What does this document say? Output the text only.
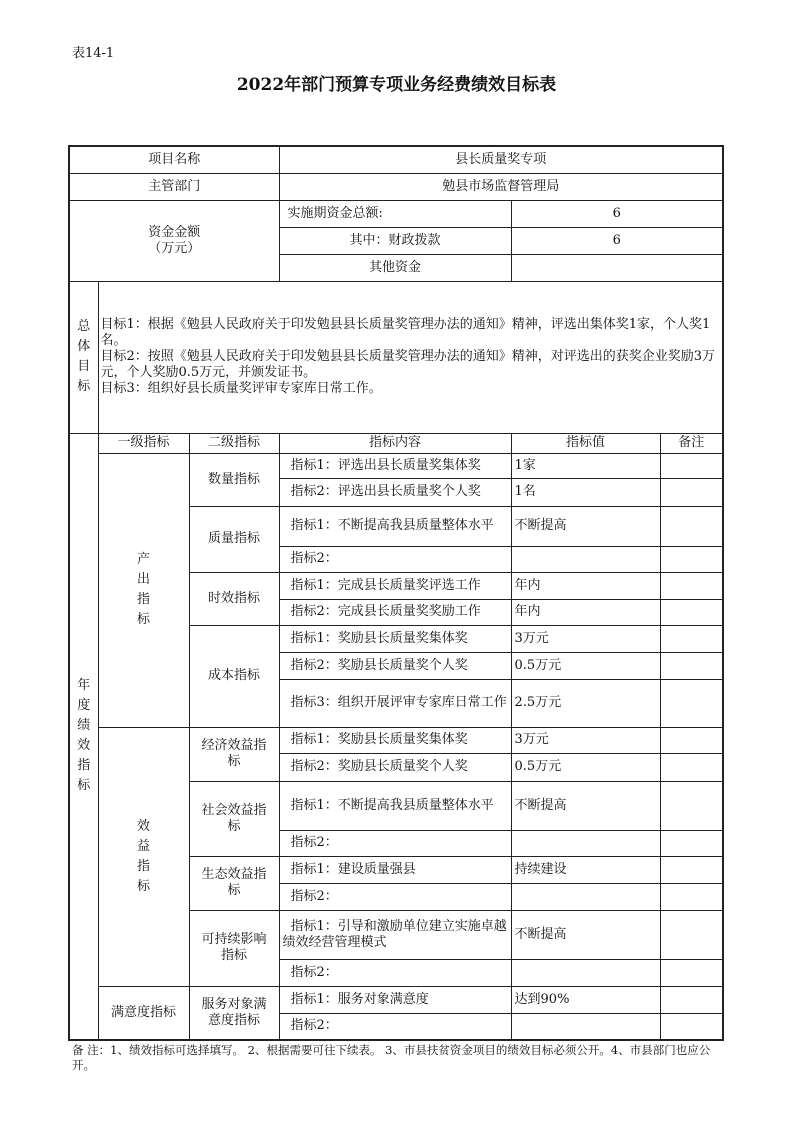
表14-1
2022年部门预算专项业务经费绩效目标表
项目名称			县长质量奖专项		
主管部门			勉县市场监督管理局		
资金金额
（万元）			实施期资金总额:	6	
			其中：财政拨款	6	
			其他资金		
总体目标	目标1：根据《勉县人民政府关于印发勉县县长质量奖管理办法的通知》精神，评选出集体奖1家，个人奖1名。
目标2：按照《勉县人民政府关于印发勉县县长质量奖管理办法的通知》精神，对评选出的获奖企业奖励3万元，个人奖励0.5万元，并颁发证书。
目标3：组织好县长质量奖评审专家库日常工作。				

年度绩效指标	一级指标	二级指标	指标内容	指标值	备注
	产出指标	数量指标	指标1：评选出县长质量奖集体奖	1家	
			指标2：评选出县长质量奖个人奖	1名	
		质量指标	指标1：不断提高我县质量整体水平	不断提高	
			指标2：		
		时效指标	指标1：完成县长质量奖评选工作	年内	
			指标2：完成县长质量奖奖励工作	年内	
		成本指标	指标1：奖励县长质量奖集体奖	3万元	
			指标2：奖励县长质量奖个人奖	0.5万元	
			指标3：组织开展评审专家库日常工作	2.5万元	
	效益指标	经济效益指标	指标1：奖励县长质量奖集体奖	3万元	
			指标2：奖励县长质量奖个人奖	0.5万元	
		社会效益指标	指标1：不断提高我县质量整体水平	不断提高	
			指标2：		
		生态效益指标	指标1：建设质量强县	持续建设	
			指标2：		
		可持续影响指标	指标1：引导和激励单位建立实施卓越绩效经营管理模式	不断提高	
			指标2：		
	满意度指标	服务对象满意度指标	指标1：服务对象满意度	达到90%	
			指标2：		
备 注：1、绩效指标可选择填写。 2、根据需要可往下续表。 3、市县扶贫资金项目的绩效目标必须公开。4、市县部门也应公开。
